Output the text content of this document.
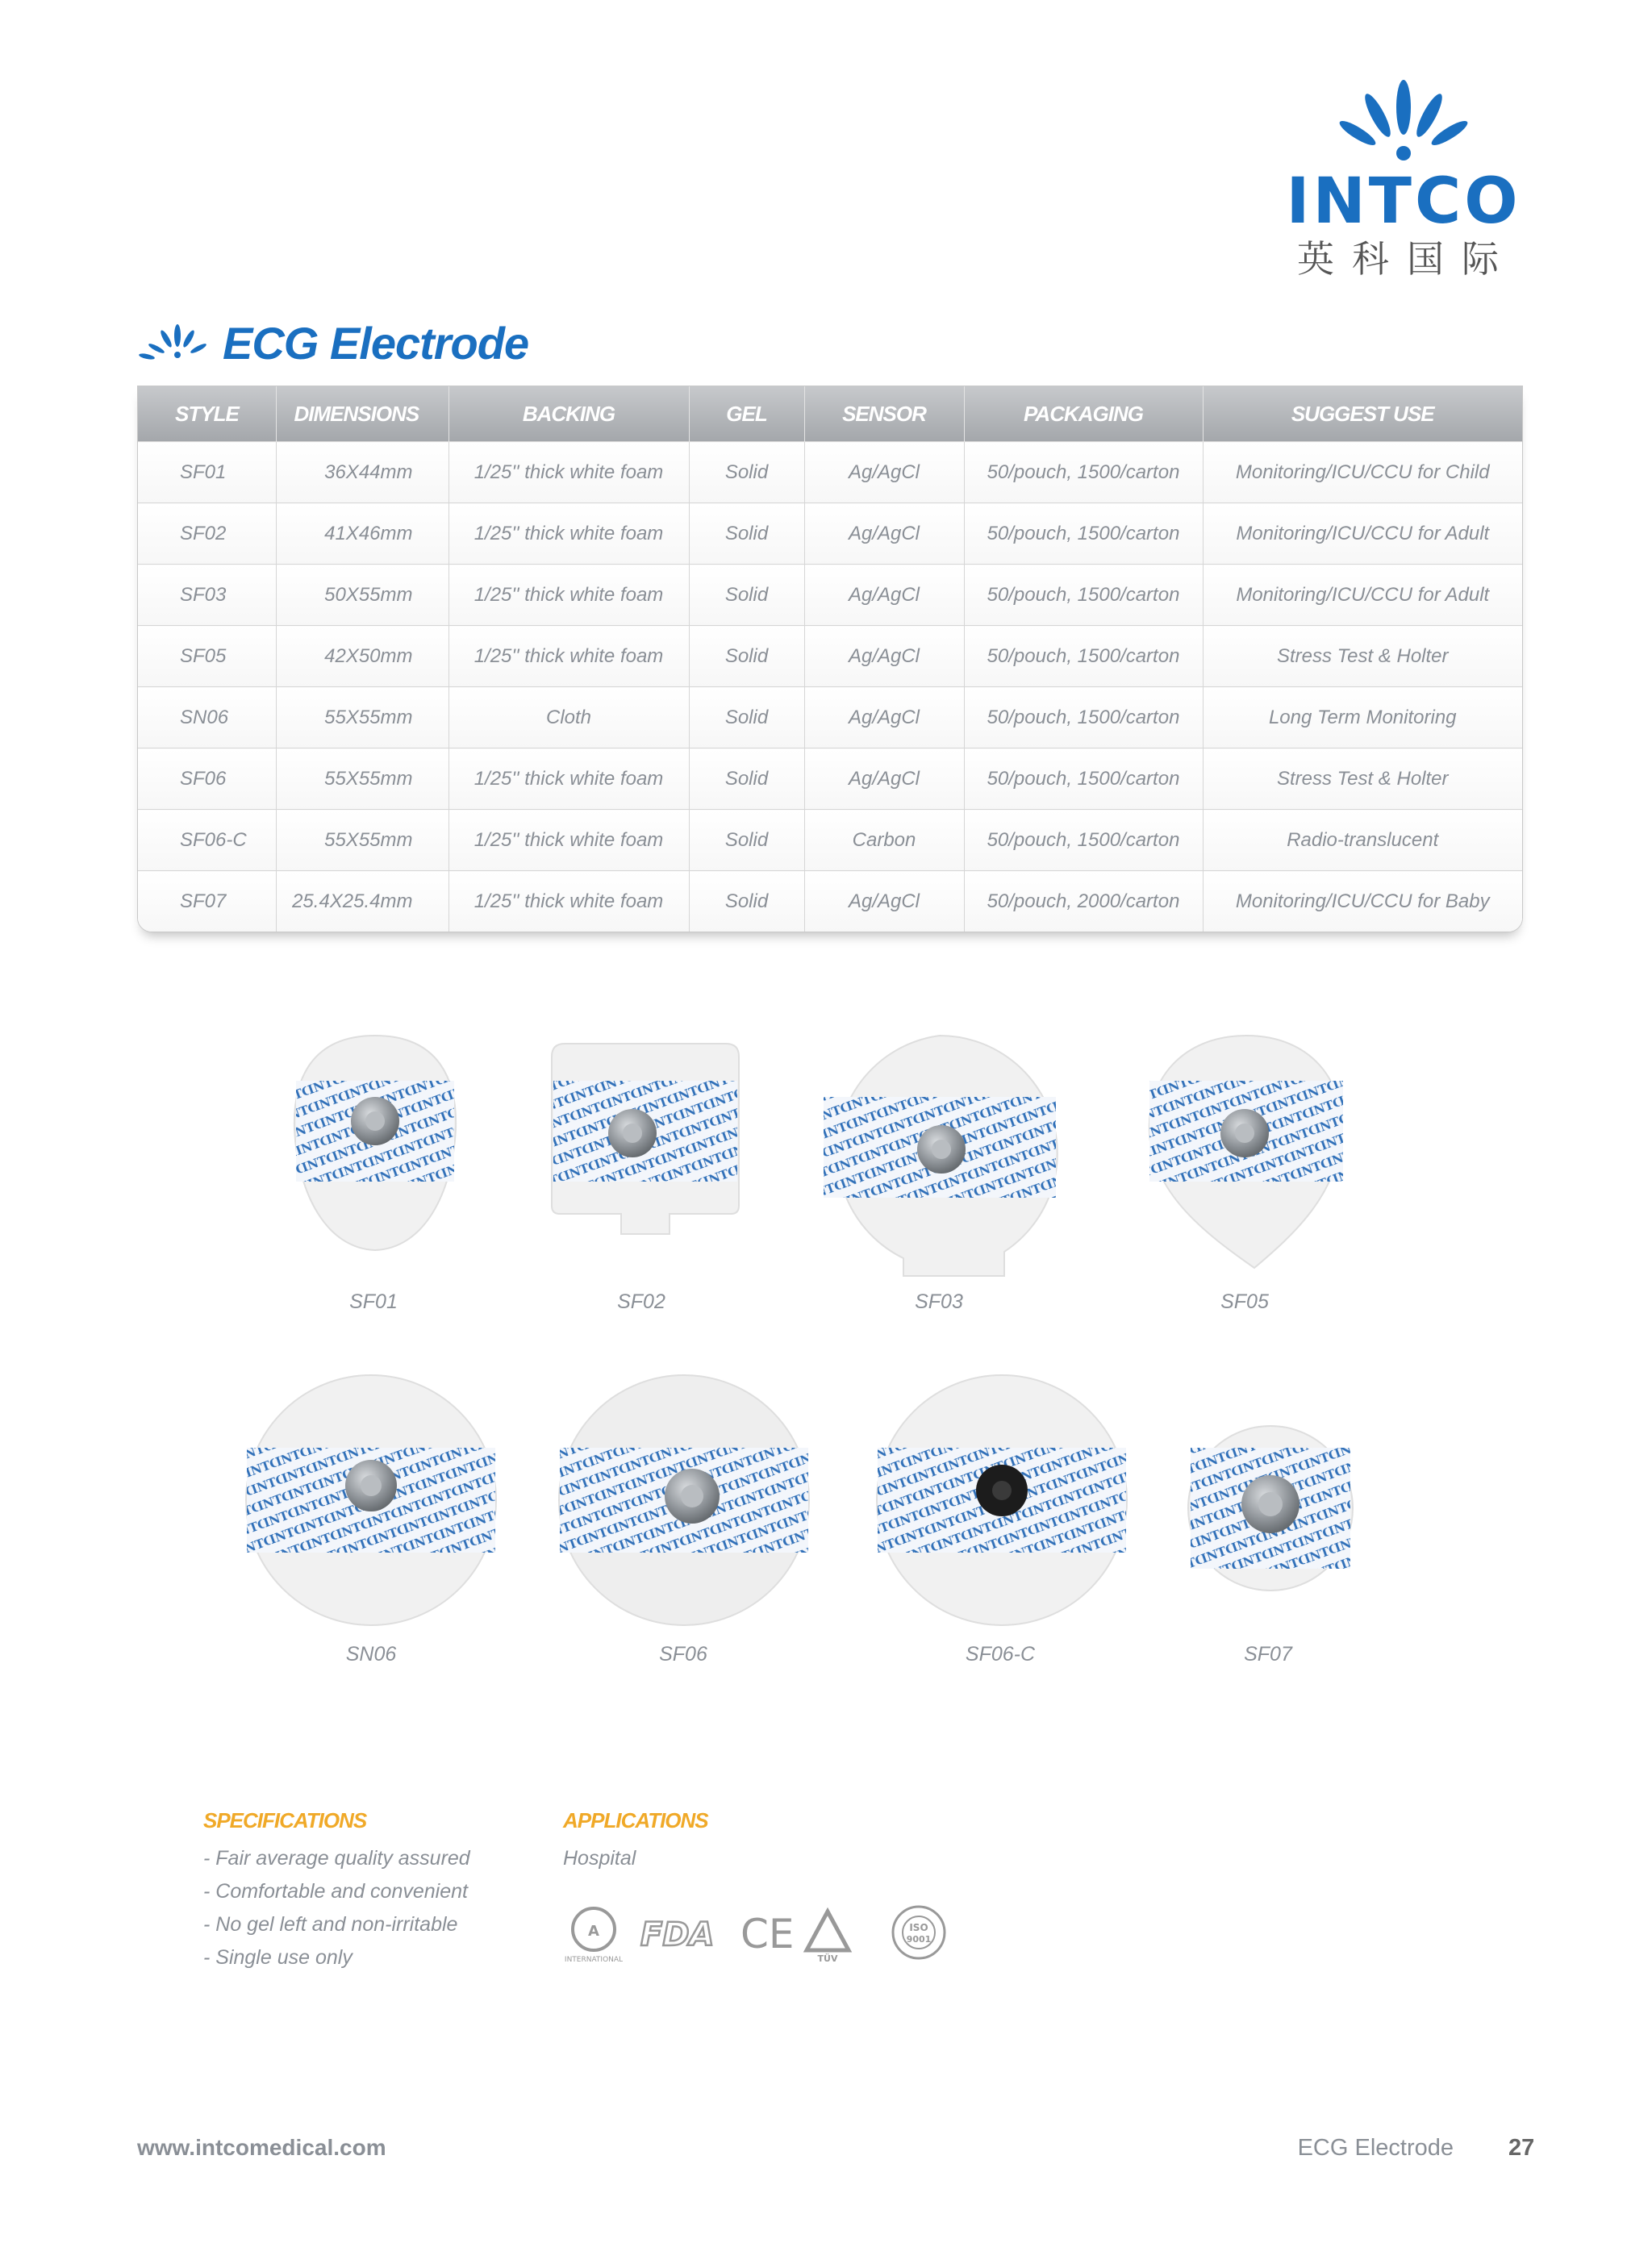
INTCO
英科国际
ECG Electrode
STYLE	DIMENSIONS	BACKING	GEL	SENSOR	PACKAGING	SUGGEST USE
SF01	36X44mm	1/25'' thick white foam	Solid	Ag/AgCl	50/pouch, 1500/carton	Monitoring/ICU/CCU for Child
SF02	41X46mm	1/25'' thick white foam	Solid	Ag/AgCl	50/pouch, 1500/carton	Monitoring/ICU/CCU for Adult
SF03	50X55mm	1/25'' thick white foam	Solid	Ag/AgCl	50/pouch, 1500/carton	Monitoring/ICU/CCU for Adult
SF05	42X50mm	1/25'' thick white foam	Solid	Ag/AgCl	50/pouch, 1500/carton	Stress Test & Holter
SN06	55X55mm	Cloth	Solid	Ag/AgCl	50/pouch, 1500/carton	Long Term Monitoring
SF06	55X55mm	1/25'' thick white foam	Solid	Ag/AgCl	50/pouch, 1500/carton	Stress Test & Holter
SF06-C	55X55mm	1/25'' thick white foam	Solid	Carbon	50/pouch, 1500/carton	Radio-translucent
SF07	25.4X25.4mm	1/25'' thick white foam	Solid	Ag/AgCl	50/pouch, 2000/carton	Monitoring/ICU/CCU for Baby
SF01	SF02	SF03	SF05
SN06	SF06	SF06-C	SF07
SPECIFICATIONS
- Fair average quality assured
- Comfortable and convenient
- No gel left and non-irritable
- Single use only
APPLICATIONS
Hospital
A
INTERNATIONAL
FDA CE
TÜV
ISO
9001
www.intcomedical.com	ECG Electrode 27
